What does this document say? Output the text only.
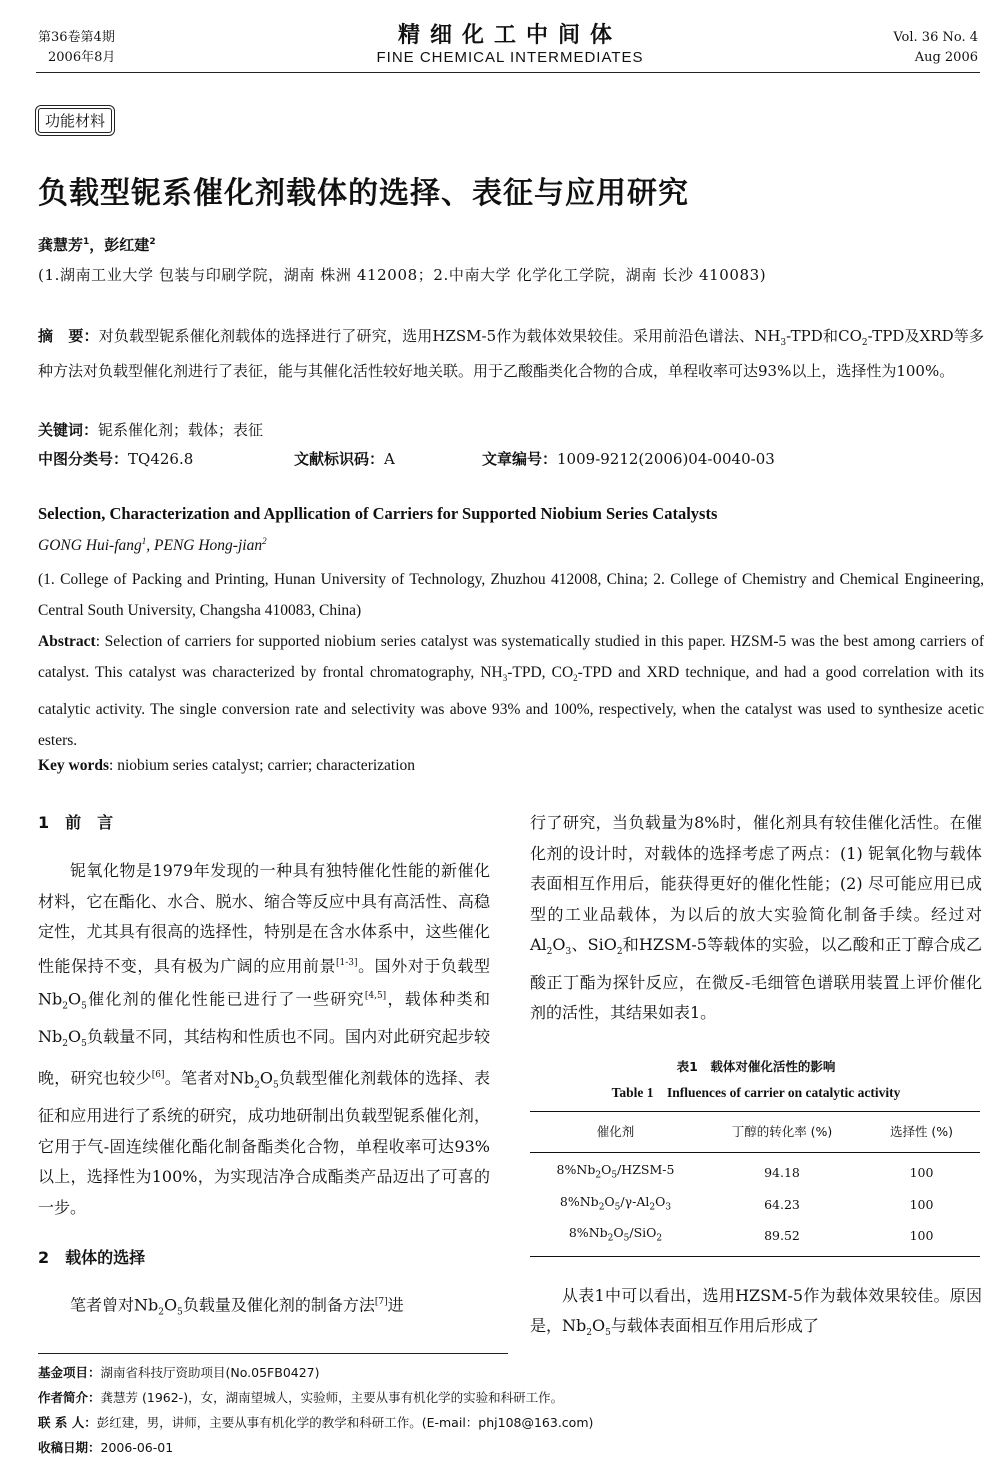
第36卷第4期
2006年8月
精细化工中间体
FINE CHEMICAL INTERMEDIATES
Vol. 36 No. 4
Aug 2006
功能材料
负载型铌系催化剂载体的选择、表征与应用研究
龚慧芳$^1$，彭红建$^2$
(1.湖南工业大学 包装与印刷学院，湖南 株洲 412008；2.中南大学 化学化工学院，湖南 长沙 410083)
摘　要：对负载型铌系催化剂载体的选择进行了研究，选用HZSM-5作为载体效果较佳。采用前沿色谱法、$NH_3$-TPD和$CO_2$-TPD及XRD等多种方法对负载型催化剂进行了表征，能与其催化活性较好地关联。用于乙酸酯类化合物的合成，单程收率可达93%以上，选择性为100%。
关键词：铌系催化剂；载体；表征
中图分类号：TQ426.8	文献标识码：A	文章编号：1009-9212(2006)04-0040-03
Selection, Characterization and Appllication of Carriers for Supported Niobium Series Catalysts
GONG Hui-fang$^1$, PENG Hong-jian$^2$
(1. College of Packing and Printing, Hunan University of Technology, Zhuzhou 412008, China; 2. College of Chemistry and Chemical Engineering, Central South University, Changsha 410083, China)
Abstract: Selection of carriers for supported niobium series catalyst was systematically studied in this paper. HZSM-5 was the best among carriers of catalyst. This catalyst was characterized by frontal chromatography, $NH_3$-TPD, $CO_2$-TPD and XRD technique, and had a good correlation with its catalytic activity. The single conversion rate and selectivity was above 93% and 100%, respectively, when the catalyst was used to synthesize acetic esters.
Key words: niobium series catalyst; carrier; characterization
1　前　言

铌氧化物是1979年发现的一种具有独特催化性能的新催化材料，它在酯化、水合、脱水、缩合等反应中具有高活性、高稳定性，尤其具有很高的选择性，特别是在含水体系中，这些催化性能保持不变，具有极为广阔的应用前景[1-3]。国外对于负载型$Nb_2O_5$催化剂的催化性能已进行了一些研究[4,5]，载体种类和$Nb_2O_5$负载量不同，其结构和性质也不同。国内对此研究起步较晚，研究也较少[6]。笔者对$Nb_2O_5$负载型催化剂载体的选择、表征和应用进行了系统的研究，成功地研制出负载型铌系催化剂，它用于气-固连续催化酯化制备酯类化合物，单程收率可达93%以上，选择性为100%，为实现洁净合成酯类产品迈出了可喜的一步。

2　载体的选择

笔者曾对$Nb_2O_5$负载量及催化剂的制备方法[7]进

行了研究，当负载量为8%时，催化剂具有较佳催化活性。在催化剂的设计时，对载体的选择考虑了两点：(1) 铌氧化物与载体表面相互作用后，能获得更好的催化性能；(2) 尽可能应用已成型的工业品载体，为以后的放大实验简化制备手续。经过对$Al_2O_3$、SiO$_2$和HZSM-5等载体的实验，以乙酸和正丁醇合成乙酸正丁酯为探针反应，在微反-毛细管色谱联用装置上评价催化剂的活性，其结果如表1。

表1　载体对催化活性的影响
Table 1　Influences of carrier on catalytic activity
催化剂	丁醇的转化率 (%)	选择性 (%)
$8\%Nb_2O_5/HZSM-5$	94.18	100
$8\%Nb_2O_5/\gamma-Al_2O_3$	64.23	100
$8\%Nb_2O_5/SiO_2$	89.52	100

从表1中可以看出，选用HZSM-5作为载体效果较佳。原因是，$Nb_2O_5$与载体表面相互作用后形成了

基金项目：湖南省科技厅资助项目(No.05FB0427)
作者简介：龚慧芳 (1962-)，女，湖南望城人，实验师，主要从事有机化学的实验和科研工作。
联 系 人：彭红建，男，讲师，主要从事有机化学的教学和科研工作。(E-mail：phj108@163.com)
收稿日期：2006-06-01
